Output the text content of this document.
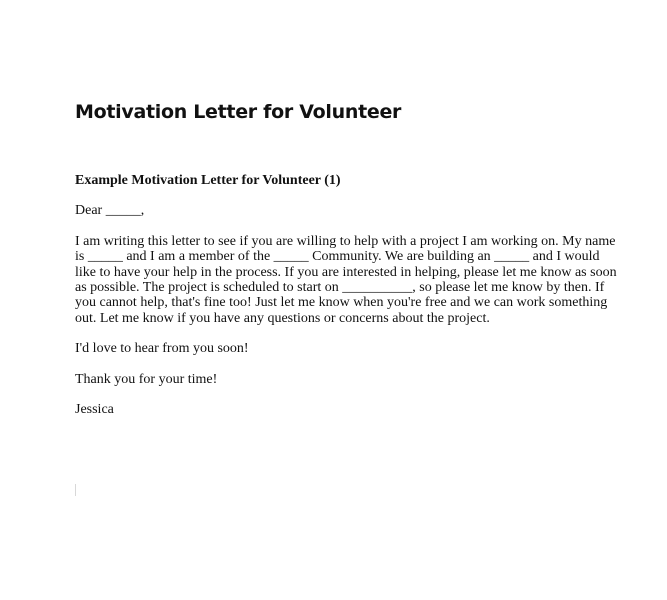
Motivation Letter for Volunteer

Example Motivation Letter for Volunteer (1)

Dear _____,

I am writing this letter to see if you are willing to help with a project I am working on. My name
is _____ and I am a member of the _____ Community. We are building an _____ and I would
like to have your help in the process. If you are interested in helping, please let me know as soon
as possible. The project is scheduled to start on __________, so please let me know by then. If
you cannot help, that's fine too! Just let me know when you're free and we can work something
out. Let me know if you have any questions or concerns about the project.

I'd love to hear from you soon!

Thank you for your time!

Jessica
